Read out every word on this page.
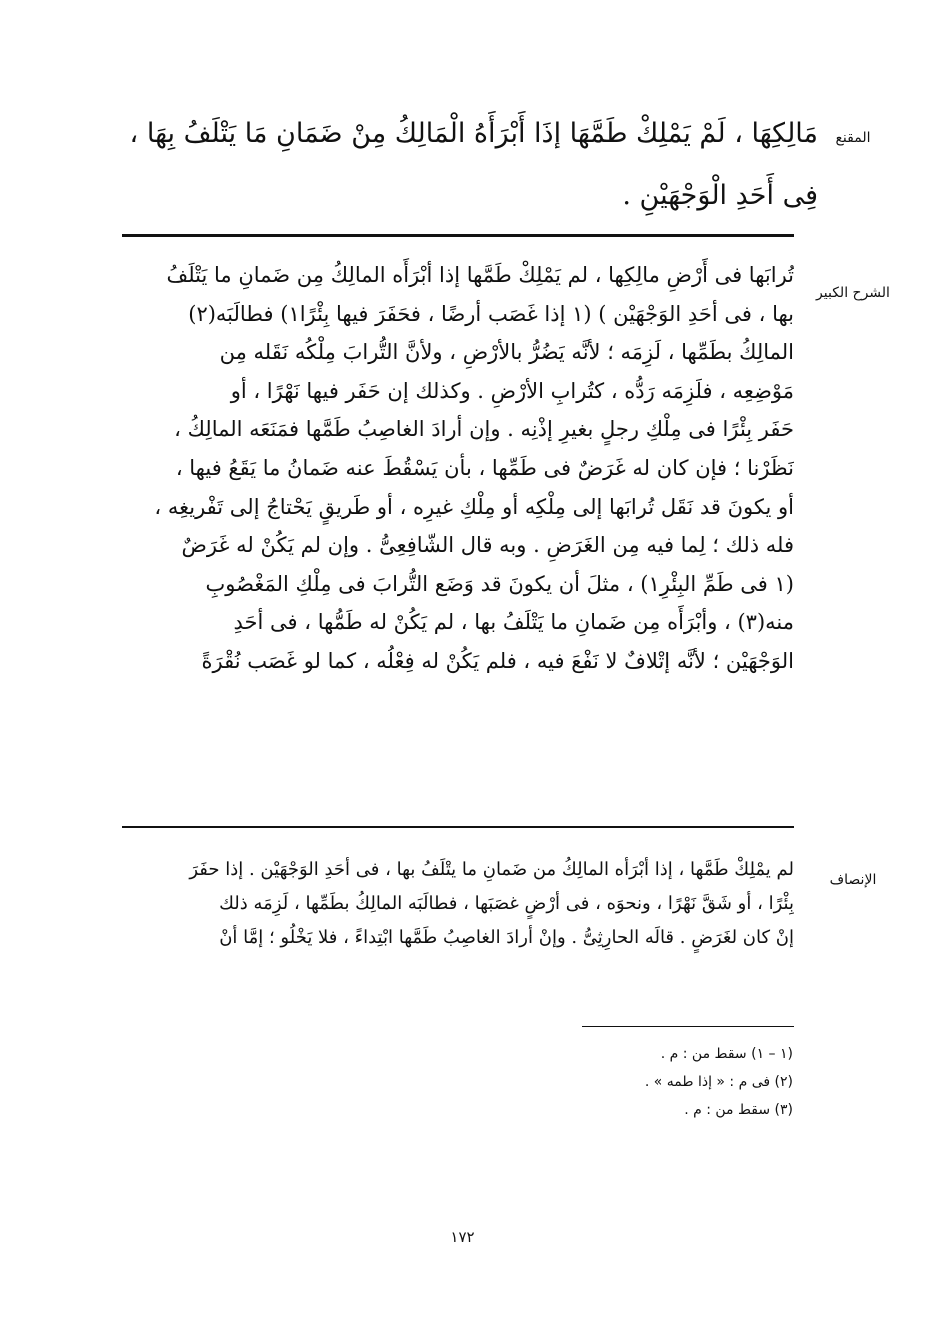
المقنع
مَالِكِهَا ، لَمْ يَمْلِكْ طَمَّهَا إذَا أَبْرَأَهُ الْمَالِكُ مِنْ ضَمَانِ مَا يَتْلَفُ بِهَا ،
فِى أَحَدِ الْوَجْهَيْنِ .
الشرح الكبير
تُرابَها فى أَرْضِ مالِكِها ، لم يَمْلِكْ طَمَّها إذا أبْرَأَه المالِكُ مِن ضَمانِ ما يَتْلَفُ
بها ، فى أحَدِ الوَجْهَيْن ) (١ إذا غَصَب أرضًا ، فحَفَرَ فيها بِئْرًا١) فطالَبَه(٢)
المالِكُ بطَمِّها ، لَزِمَه ؛ لأنَّه يَضُرُّ بالأرْضِ ، ولأنَّ التُّرابَ مِلْكُه نَقَله مِن
مَوْضِعِه ، فلَزِمَه رَدُّه ، كتُرابِ الأرْضِ . وكذلك إن حَفَر فيها نَهْرًا ، أو
حَفَر بِئْرًا فى مِلْكِ رجلٍ بغيرِ إذْنِه . وإن أرادَ الغاصِبُ طَمَّها فمَنَعَه المالِكُ ،
نَظَرْنا ؛ فإن كان له غَرَضٌ فى طَمِّها ، بأن يَسْقُطَ عنه ضَمانُ ما يَقَعُ فيها ،
أو يكونَ قد نَقَل تُرابَها إلى مِلْكِه أو مِلْكِ غيرِه ، أو طَريقٍ يَحْتاجُ إلى تَفْريغِه ،
فله ذلك ؛ لِما فيه مِن الغَرَضِ . وبه قال الشّافِعِىُّ . وإن لم يَكُنْ له غَرَضٌ
(١ فى طَمِّ البِئْرِ١) ، مثلَ أن يكونَ قد وَضَع التُّرابَ فى مِلْكِ المَغْصُوبِ
منه(٣) ، وأبْرَأَه مِن ضَمانِ ما يَتْلَفُ بها ، لم يَكُنْ له طَمُّها ، فى أحَدِ
الوَجْهَيْن ؛ لأنَّه إتْلافٌ لا نَفْعَ فيه ، فلم يَكُنْ له فِعْلُه ، كما لو غَصَب نُقْرَةً
الإنصاف
لم يمْلِكْ طَمَّها ، إذا أبْرَأه المالِكُ من ضَمانِ ما يتْلَفُ بها ، فى أحَدِ الوَجْهَيْن . إذا حفَرَ
بِئْرًا ، أو شَقَّ نَهْرًا ، ونحوَه ، فى أرْضٍ غصَبَها ، فطالَبَه المالِكُ بطَمِّها ، لَزِمَه ذلك
إنْ كان لغَرَضٍ . قالَه الحارِثِىُّ . وإنْ أرادَ الغاصِبُ طَمَّها ابْتِداءً ، فلا يَخْلُو ؛ إمَّا أنْ
(١ – ١) سقط من : م .
(٢) فى م : « إذا طمه » .
(٣) سقط من : م .
١٧٢
